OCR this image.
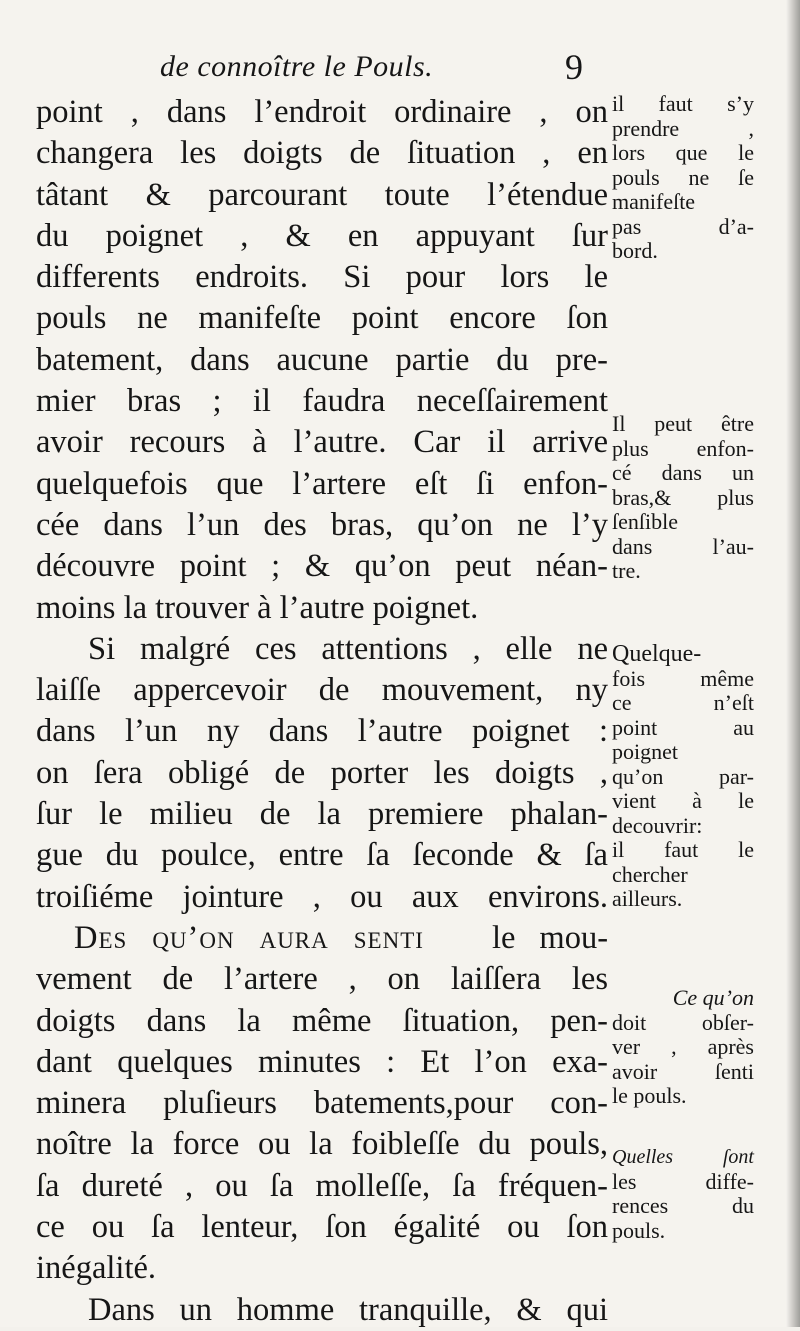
de connoître le Pouls.	9
point , dans l’endroit ordinaire , on
changera les doigts de ſituation , en
tâtant & parcourant toute l’étendue
du poignet , & en appuyant ſur
differents endroits. Si pour lors le
pouls ne manifeſte point encore ſon
batement, dans aucune partie du pre-
mier bras ; il faudra neceſſairement
avoir recours à l’autre. Car il arrive
quelquefois que l’artere eſt ſi enfon-
cée dans l’un des bras, qu’on ne l’y
découvre point ; & qu’on peut néan-
moins la trouver à l’autre poignet.
Si malgré ces attentions , elle ne
laiſſe appercevoir de mouvement, ny
dans l’un ny dans l’autre poignet :
on ſera obligé de porter les doigts ,
ſur le milieu de la premiere phalan-
gue du poulce, entre ſa ſeconde & ſa
troiſiéme jointure , ou aux environs.
Des qu’on aura senti le mou-
vement de l’artere , on laiſſera les
doigts dans la même ſituation, pen-
dant quelques minutes : Et l’on exa-
minera pluſieurs batements,pour con-
noître la force ou la foibleſſe du pouls,
ſa dureté , ou ſa molleſſe, ſa fréquen-
ce ou ſa lenteur, ſon égalité ou ſon
inégalité.
Dans un homme tranquille, & qui
il faut s’y
prendre ,
lors que le
pouls ne ſe
manifeſte
pas d’a-
bord.
Il peut être
plus enfon-
cé dans un
bras,& plus
ſenſible
dans l’au-
tre.
Quelque-
fois même
ce n’eſt
point au
poignet
qu’on par-
vient à le
decouvrir:
il faut le
chercher
ailleurs.
Ce qu’on
doit obſer-
ver , après
avoir ſenti
le pouls.
Quelles ſont
les diffe-
rences du
pouls.
